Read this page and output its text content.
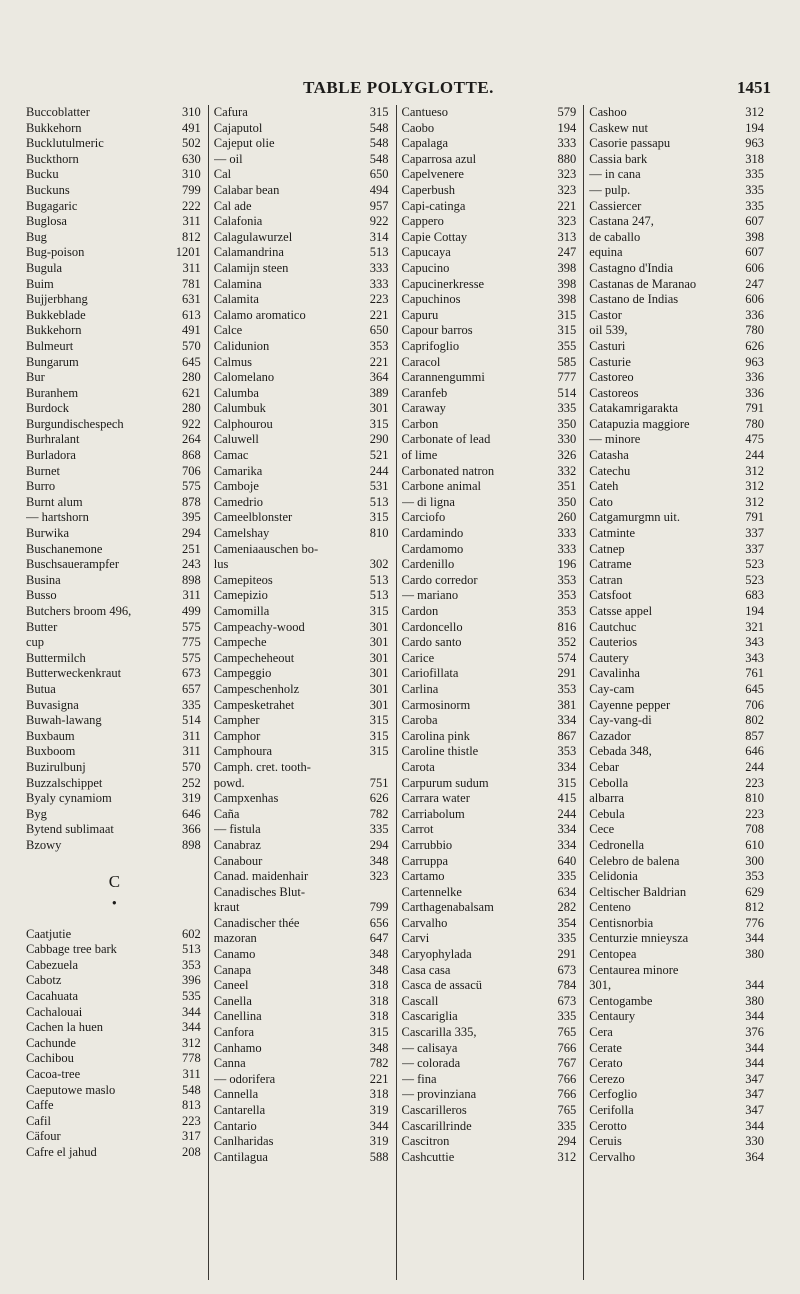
TABLE POLYGLOTTE.	1451
Buccoblatter	310
Bukkehorn	491
Bucklutulmeric	502
Buckthorn	630
Bucku	310
Buckuns	799
Bugagaric	222
Buglosa	311
Bug	812
Bug-poison	1201
Bugula	311
Buim	781
Bujjerbhang	631
Bukkeblade	613
Bukkehorn	491
Bulmeurt	570
Bungarum	645
Bur	280
Buranhem	621
Burdock	280
Burgundischespech	922
Burhralant	264
Burladora	868
Burnet	706
Burro	575
Burnt alum	878
— hartshorn	395
Burwika	294
Buschanemone	251
Buschsauerampfer	243
Busina	898
Busso	311
Butchers broom 496,	499
Butter	575
cup	775
Buttermilch	575
Butterweckenkraut	673
Butua	657
Buvasigna	335
Buwah-lawang	514
Buxbaum	311
Buxboom	311
Buzirulbunj	570
Buzzalschippet	252
Byaly cynamiom	319
Byg	646
Bytend sublimaat	366
Bzowy	898
C
•
Caatjutie	602
Cabbage tree bark	513
Cabezuela	353
Cabotz	396
Cacahuata	535
Cachalouai	344
Cachen la huen	344
Cachunde	312
Cachibou	778
Cacoa-tree	311
Caeputowe maslo	548
Caffe	813
Cafil	223
Cäfour	317
Cafre el jahud	208
Cafura	315
Cajaputol	548
Cajeput olie	548
— oil	548
Cal	650
Calabar bean	494
Cal ade	957
Calafonia	922
Calagulawurzel	314
Calamandrina	513
Calamijn steen	333
Calamina	333
Calamita	223
Calamo aromatico	221
Calce	650
Calidunion	353
Calmus	221
Calomelano	364
Calumba	389
Calumbuk	301
Calphourou	315
Caluwell	290
Camac	521
Camarika	244
Camboje	531
Camedrio	513
Cameelblonster	315
Camelshay	810
Cameniaauschen bo-
lus	302
Camepiteos	513
Camepizio	513
Camomilla	315
Campeachy-wood	301
Campeche	301
Campecheheout	301
Campeggio	301
Campeschenholz	301
Campesketrahet	301
Campher	315
Camphor	315
Camphoura	315
Camph. cret. tooth-
powd.	751
Campxenhas	626
Caña	782
— fistula	335
Canabraz	294
Canabour	348
Canad. maidenhair	323
Canadisches Blut-
kraut	799
Canadischer thée	656
mazoran	647
Canamo	348
Canapa	348
Caneel	318
Canella	318
Canellina	318
Canfora	315
Canhamo	348
Canna	782
— odorifera	221
Cannella	318
Cantarella	319
Cantario	344
Canlharidas	319
Cantilagua	588
Cantueso	579
Caobo	194
Capalaga	333
Caparrosa azul	880
Capelvenere	323
Caperbush	323
Capi-catinga	221
Cappero	323
Capie Cottay	313
Capucaya	247
Capucino	398
Capucinerkresse	398
Capuchinos	398
Capuru	315
Capour barros	315
Caprifoglio	355
Caracol	585
Carannengummi	777
Caranfeb	514
Caraway	335
Carbon	350
Carbonate of lead	330
of lime	326
Carbonated natron	332
Carbone animal	351
— di ligna	350
Carciofo	260
Cardamindo	333
Cardamomo	333
Cardenillo	196
Cardo corredor	353
— mariano	353
Cardon	353
Cardoncello	816
Cardo santo	352
Carice	574
Cariofillata	291
Carlina	353
Carmosinorm	381
Caroba	334
Carolina pink	867
Caroline thistle	353
Carota	334
Carpurum sudum	315
Carrara water	415
Carriabolum	244
Carrot	334
Carrubbio	334
Carruppa	640
Cartamo	335
Cartennelke	634
Carthagenabalsam	282
Carvalho	354
Carvi	335
Caryophylada	291
Casa casa	673
Casca de assacü	784
Cascall	673
Cascariglia	335
Cascarilla 335,	765
— calisaya	766
— colorada	767
— fina	766
— provinziana	766
Cascarilleros	765
Cascarillrinde	335
Cascitron	294
Cashcuttie	312
Cashoo	312
Caskew nut	194
Casorie passapu	963
Cassia bark	318
— in cana	335
— pulp.	335
Cassiercer	335
Castana 247,	607
de caballo	398
equina	607
Castagno d'India	606
Castanas de Maranao	247
Castano de Indias	606
Castor	336
oil 539,	780
Casturi	626
Casturie	963
Castoreo	336
Castoreos	336
Catakamrigarakta	791
Catapuzia maggiore	780
— minore	475
Catasha	244
Catechu	312
Cateh	312
Cato	312
Catgamurgmn uit.	791
Catminte	337
Catnep	337
Catrame	523
Catran	523
Catsfoot	683
Catsse appel	194
Cautchuc	321
Cauterios	343
Cautery	343
Cavalinha	761
Cay-cam	645
Cayenne pepper	706
Cay-vang-di	802
Cazador	857
Cebada 348,	646
Cebar	244
Cebolla	223
albarra	810
Cebula	223
Cece	708
Cedronella	610
Celebro de balena	300
Celidonia	353
Celtischer Baldrian	629
Centeno	812
Centisnorbia	776
Centurzie mnieysza	344
Centopea	380
Centaurea minore
301,	344
Centogambe	380
Centaury	344
Cera	376
Cerate	344
Cerato	344
Cerezo	347
Cerfoglio	347
Cerifolla	347
Cerotto	344
Ceruis	330
Cervalho	364
